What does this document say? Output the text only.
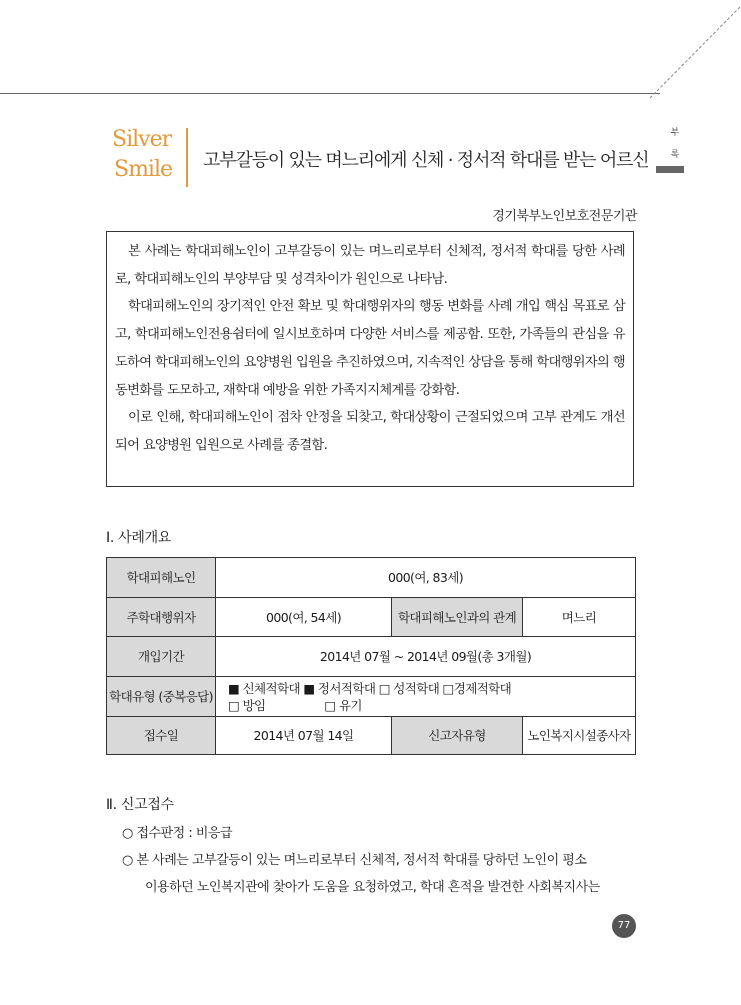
부
록
Silver
Smile 고부갈등이 있는 며느리에게 신체 · 정서적 학대를 받는 어르신
경기북부노인보호전문기관

본 사례는 학대피해노인이 고부갈등이 있는 며느리로부터 신체적, 정서적 학대를 당한 사례로, 학대피해노인의 부양부담 및 성격차이가 원인으로 나타남.

학대피해노인의 장기적인 안전 확보 및 학대행위자의 행동 변화를 사례 개입 핵심 목표로 삼고, 학대피해노인전용쉼터에 일시보호하며 다양한 서비스를 제공함. 또한, 가족들의 관심을 유도하여 학대피해노인의 요양병원 입원을 추진하였으며, 지속적인 상담을 통해 학대행위자의 행동변화를 도모하고, 재학대 예방을 위한 가족지지체계를 강화함.

이로 인해, 학대피해노인이 점차 안정을 되찾고, 학대상황이 근절되었으며 고부 관계도 개선되어 요양병원 입원으로 사례를 종결함.

Ⅰ. 사례개요
학대피해노인	000(여, 83세)		
주학대행위자	000(여, 54세)	학대피해노인과의 관계	며느리
개입기간	2014년 07월 ~ 2014년 09월(총 3개월)		
학대유형 (중복응답)	■ 신체적학대 ■ 정서적학대 □ 성적학대 □경제적학대
□ 방임 □ 유기		

접수일	2014년 07월 14일	신고자유형	노인복지시설종사자
Ⅱ. 신고접수
○ 접수판정 : 비응급
○ 본 사례는 고부갈등이 있는 며느리로부터 신체적, 정서적 학대를 당하던 노인이 평소
이용하던 노인복지관에 찾아가 도움을 요청하였고, 학대 흔적을 발견한 사회복지사는
77
